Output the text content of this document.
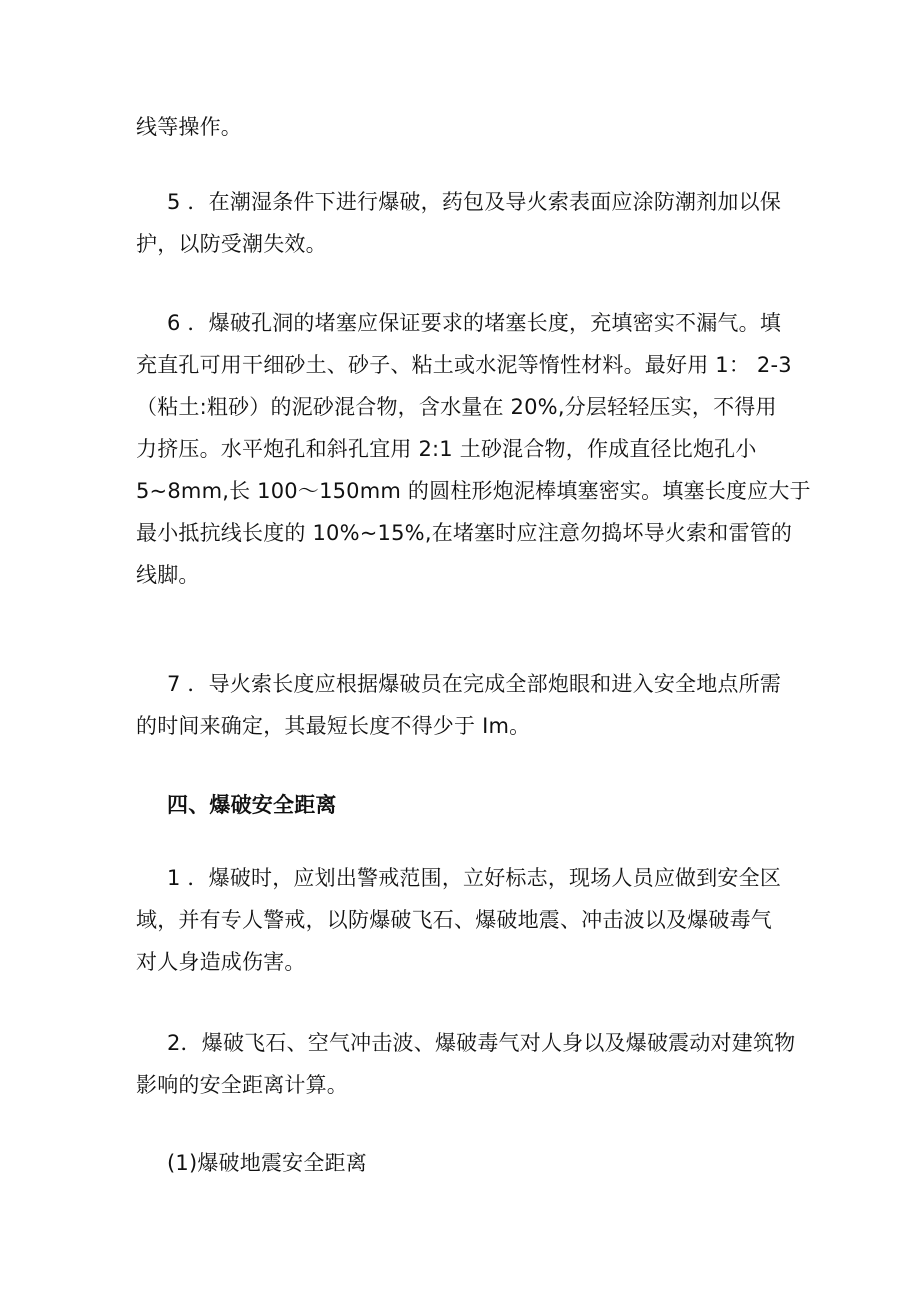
线等操作。
5 ．在潮湿条件下进行爆破，药包及导火索表面应涂防潮剂加以保
护，以防受潮失效。
6 ．爆破孔洞的堵塞应保证要求的堵塞长度，充填密实不漏气。填
充直孔可用干细砂土、砂子、粘土或水泥等惰性材料。最好用 1： 2-3
（粘土:粗砂）的泥砂混合物，含水量在 20%,分层轻轻压实，不得用
力挤压。水平炮孔和斜孔宜用 2:1 土砂混合物，作成直径比炮孔小
5~8mm,长 100～150mm 的圆柱形炮泥棒填塞密实。填塞长度应大于
最小抵抗线长度的 10%~15%,在堵塞时应注意勿捣坏导火索和雷管的
线脚。
7 ．导火索长度应根据爆破员在完成全部炮眼和进入安全地点所需
的时间来确定，其最短长度不得少于 Im。
四、爆破安全距离
1 ．爆破时，应划出警戒范围，立好标志，现场人员应做到安全区
域，并有专人警戒，以防爆破飞石、爆破地震、冲击波以及爆破毒气
对人身造成伤害。
2．爆破飞石、空气冲击波、爆破毒气对人身以及爆破震动对建筑物
影响的安全距离计算。
(1)爆破地震安全距离
